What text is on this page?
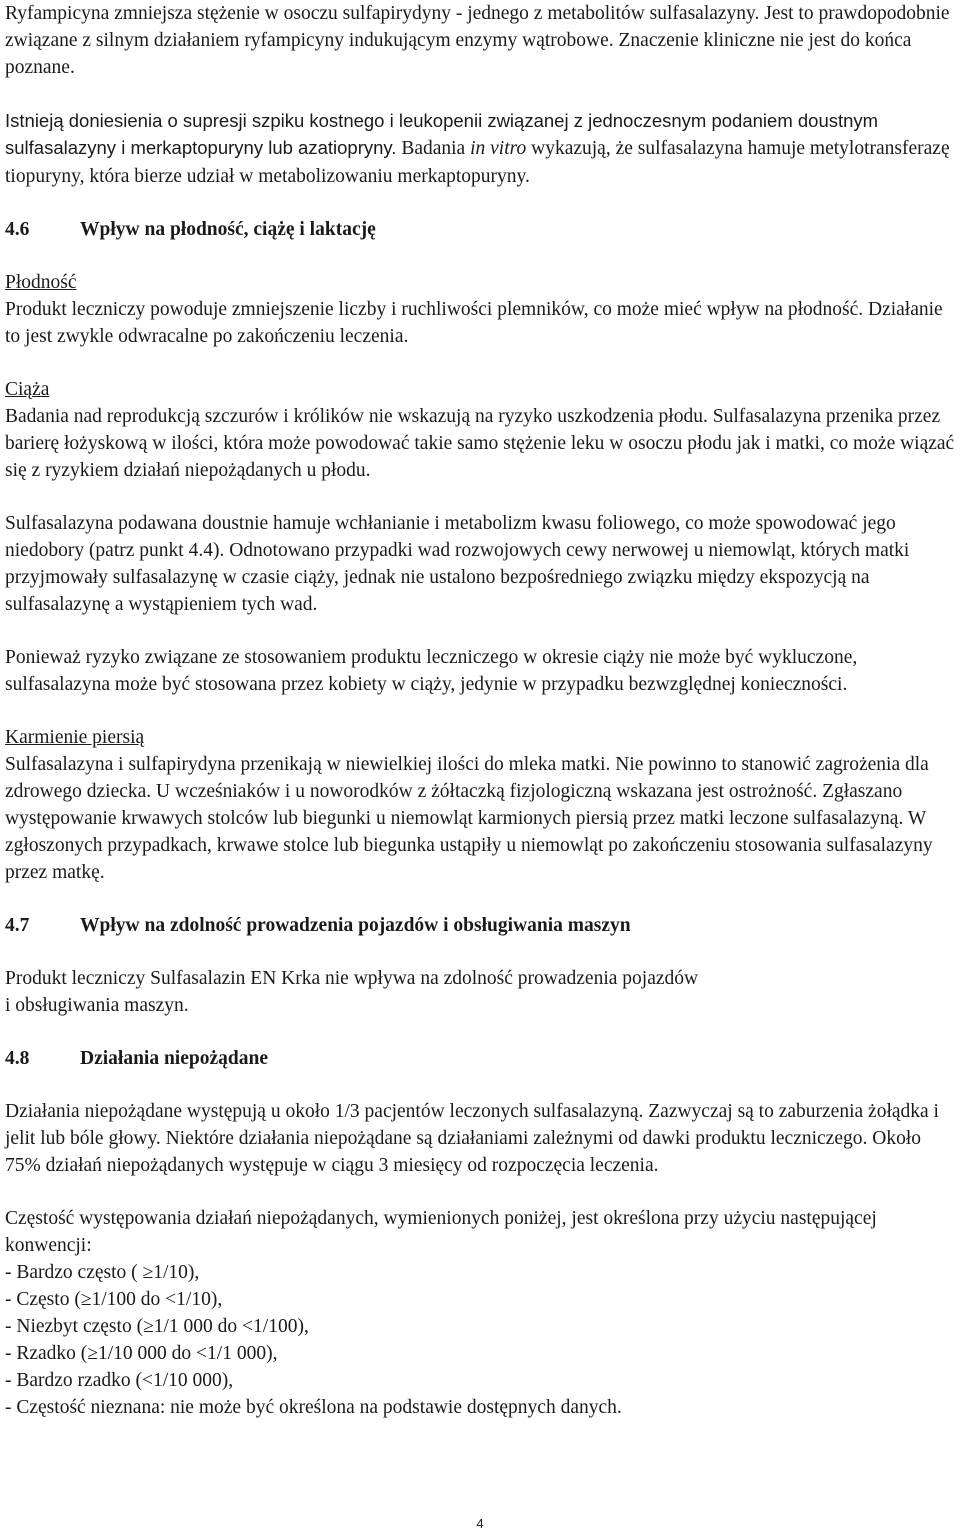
Ryfampicyna zmniejsza stężenie w osoczu sulfapirydyny - jednego z metabolitów sulfasalazyny. Jest to prawdopodobnie związane z silnym działaniem ryfampicyny indukującym enzymy wątrobowe. Znaczenie kliniczne nie jest do końca poznane.

Istnieją doniesienia o supresji szpiku kostnego i leukopenii związanej z jednoczesnym podaniem doustnym sulfasalazyny i merkaptopuryny lub azatiopryny. Badania in vitro wykazują, że sulfasalazyna hamuje metylotransferazę tiopuryny, która bierze udział w metabolizowaniu merkaptopuryny.

4.6	Wpływ na płodność, ciążę i laktację

Płodność

Produkt leczniczy powoduje zmniejszenie liczby i ruchliwości plemników, co może mieć wpływ na płodność. Działanie to jest zwykle odwracalne po zakończeniu leczenia.

Ciąża

Badania nad reprodukcją szczurów i królików nie wskazują na ryzyko uszkodzenia płodu. Sulfasalazyna przenika przez barierę łożyskową w ilości, która może powodować takie samo stężenie leku w osoczu płodu jak i matki, co może wiązać się z ryzykiem działań niepożądanych u płodu.

Sulfasalazyna podawana doustnie hamuje wchłanianie i metabolizm kwasu foliowego, co może spowodować jego niedobory (patrz punkt 4.4). Odnotowano przypadki wad rozwojowych cewy nerwowej u niemowląt, których matki przyjmowały sulfasalazynę w czasie ciąży, jednak nie ustalono bezpośredniego związku między ekspozycją na sulfasalazynę a wystąpieniem tych wad.

Ponieważ ryzyko związane ze stosowaniem produktu leczniczego w okresie ciąży nie może być wykluczone, sulfasalazyna może być stosowana przez kobiety w ciąży, jedynie w przypadku bezwzględnej konieczności.

Karmienie piersią

Sulfasalazyna i sulfapirydyna przenikają w niewielkiej ilości do mleka matki. Nie powinno to stanowić zagrożenia dla zdrowego dziecka. U wcześniaków i u noworodków z żółtaczką fizjologiczną wskazana jest ostrożność. Zgłaszano występowanie krwawych stolców lub biegunki u niemowląt karmionych piersią przez matki leczone sulfasalazyną. W zgłoszonych przypadkach, krwawe stolce lub biegunka ustąpiły u niemowląt po zakończeniu stosowania sulfasalazyny przez matkę.

4.7	Wpływ na zdolność prowadzenia pojazdów i obsługiwania maszyn

Produkt leczniczy Sulfasalazin EN Krka nie wpływa na zdolność prowadzenia pojazdów
i obsługiwania maszyn.

4.8	Działania niepożądane

Działania niepożądane występują u około 1/3 pacjentów leczonych sulfasalazyną. Zazwyczaj są to zaburzenia żołądka i jelit lub bóle głowy. Niektóre działania niepożądane są działaniami zależnymi od dawki produktu leczniczego. Około 75% działań niepożądanych występuje w ciągu 3 miesięcy od rozpoczęcia leczenia.

Częstość występowania działań niepożądanych, wymienionych poniżej, jest określona przy użyciu następującej konwencji:

- Bardzo często ( ≥1/10),
- Często (≥1/100 do <1/10),
- Niezbyt często (≥1/1 000 do <1/100),
- Rzadko (≥1/10 000 do <1/1 000),
- Bardzo rzadko (<1/10 000),
- Częstość nieznana: nie może być określona na podstawie dostępnych danych.
4
